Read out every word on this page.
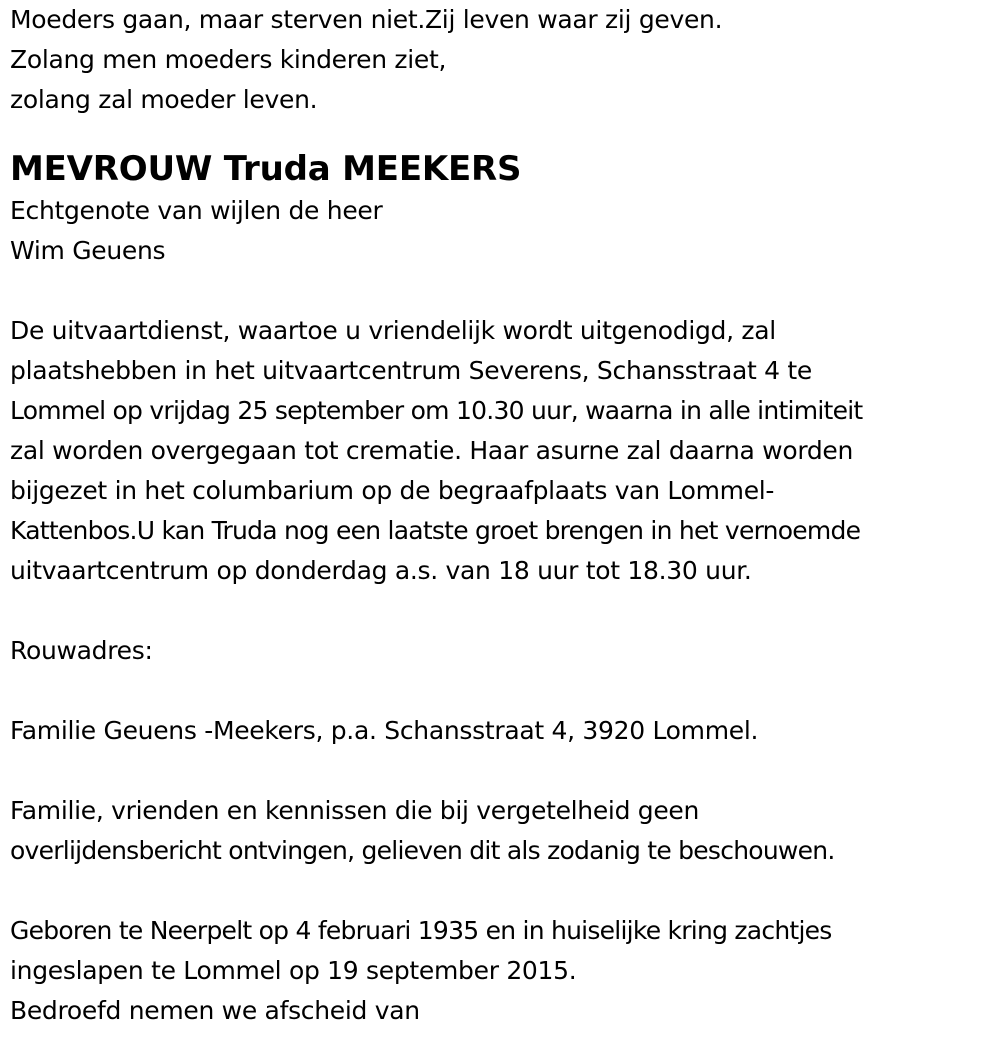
Moeders gaan, maar sterven niet.Zij leven waar zij geven.
Zolang men moeders kinderen ziet,
zolang zal moeder leven.
MEVROUW Truda MEEKERS
Echtgenote van wijlen de heer
Wim Geuens
De uitvaartdienst, waartoe u vriendelijk wordt uitgenodigd, zal
plaatshebben in het uitvaartcentrum Severens, Schansstraat 4 te
Lommel op vrijdag 25 september om 10.30 uur, waarna in alle intimiteit
zal worden overgegaan tot crematie. Haar asurne zal daarna worden
bijgezet in het columbarium op de begraafplaats van Lommel-
Kattenbos.U kan Truda nog een laatste groet brengen in het vernoemde
uitvaartcentrum op donderdag a.s. van 18 uur tot 18.30 uur.
Rouwadres:
Familie Geuens -Meekers, p.a. Schansstraat 4, 3920 Lommel.
Familie, vrienden en kennissen die bij vergetelheid geen
overlijdensbericht ontvingen, gelieven dit als zodanig te beschouwen.
Geboren te Neerpelt op 4 februari 1935 en in huiselijke kring zachtjes
ingeslapen te Lommel op 19 september 2015.
Bedroefd nemen we afscheid van
